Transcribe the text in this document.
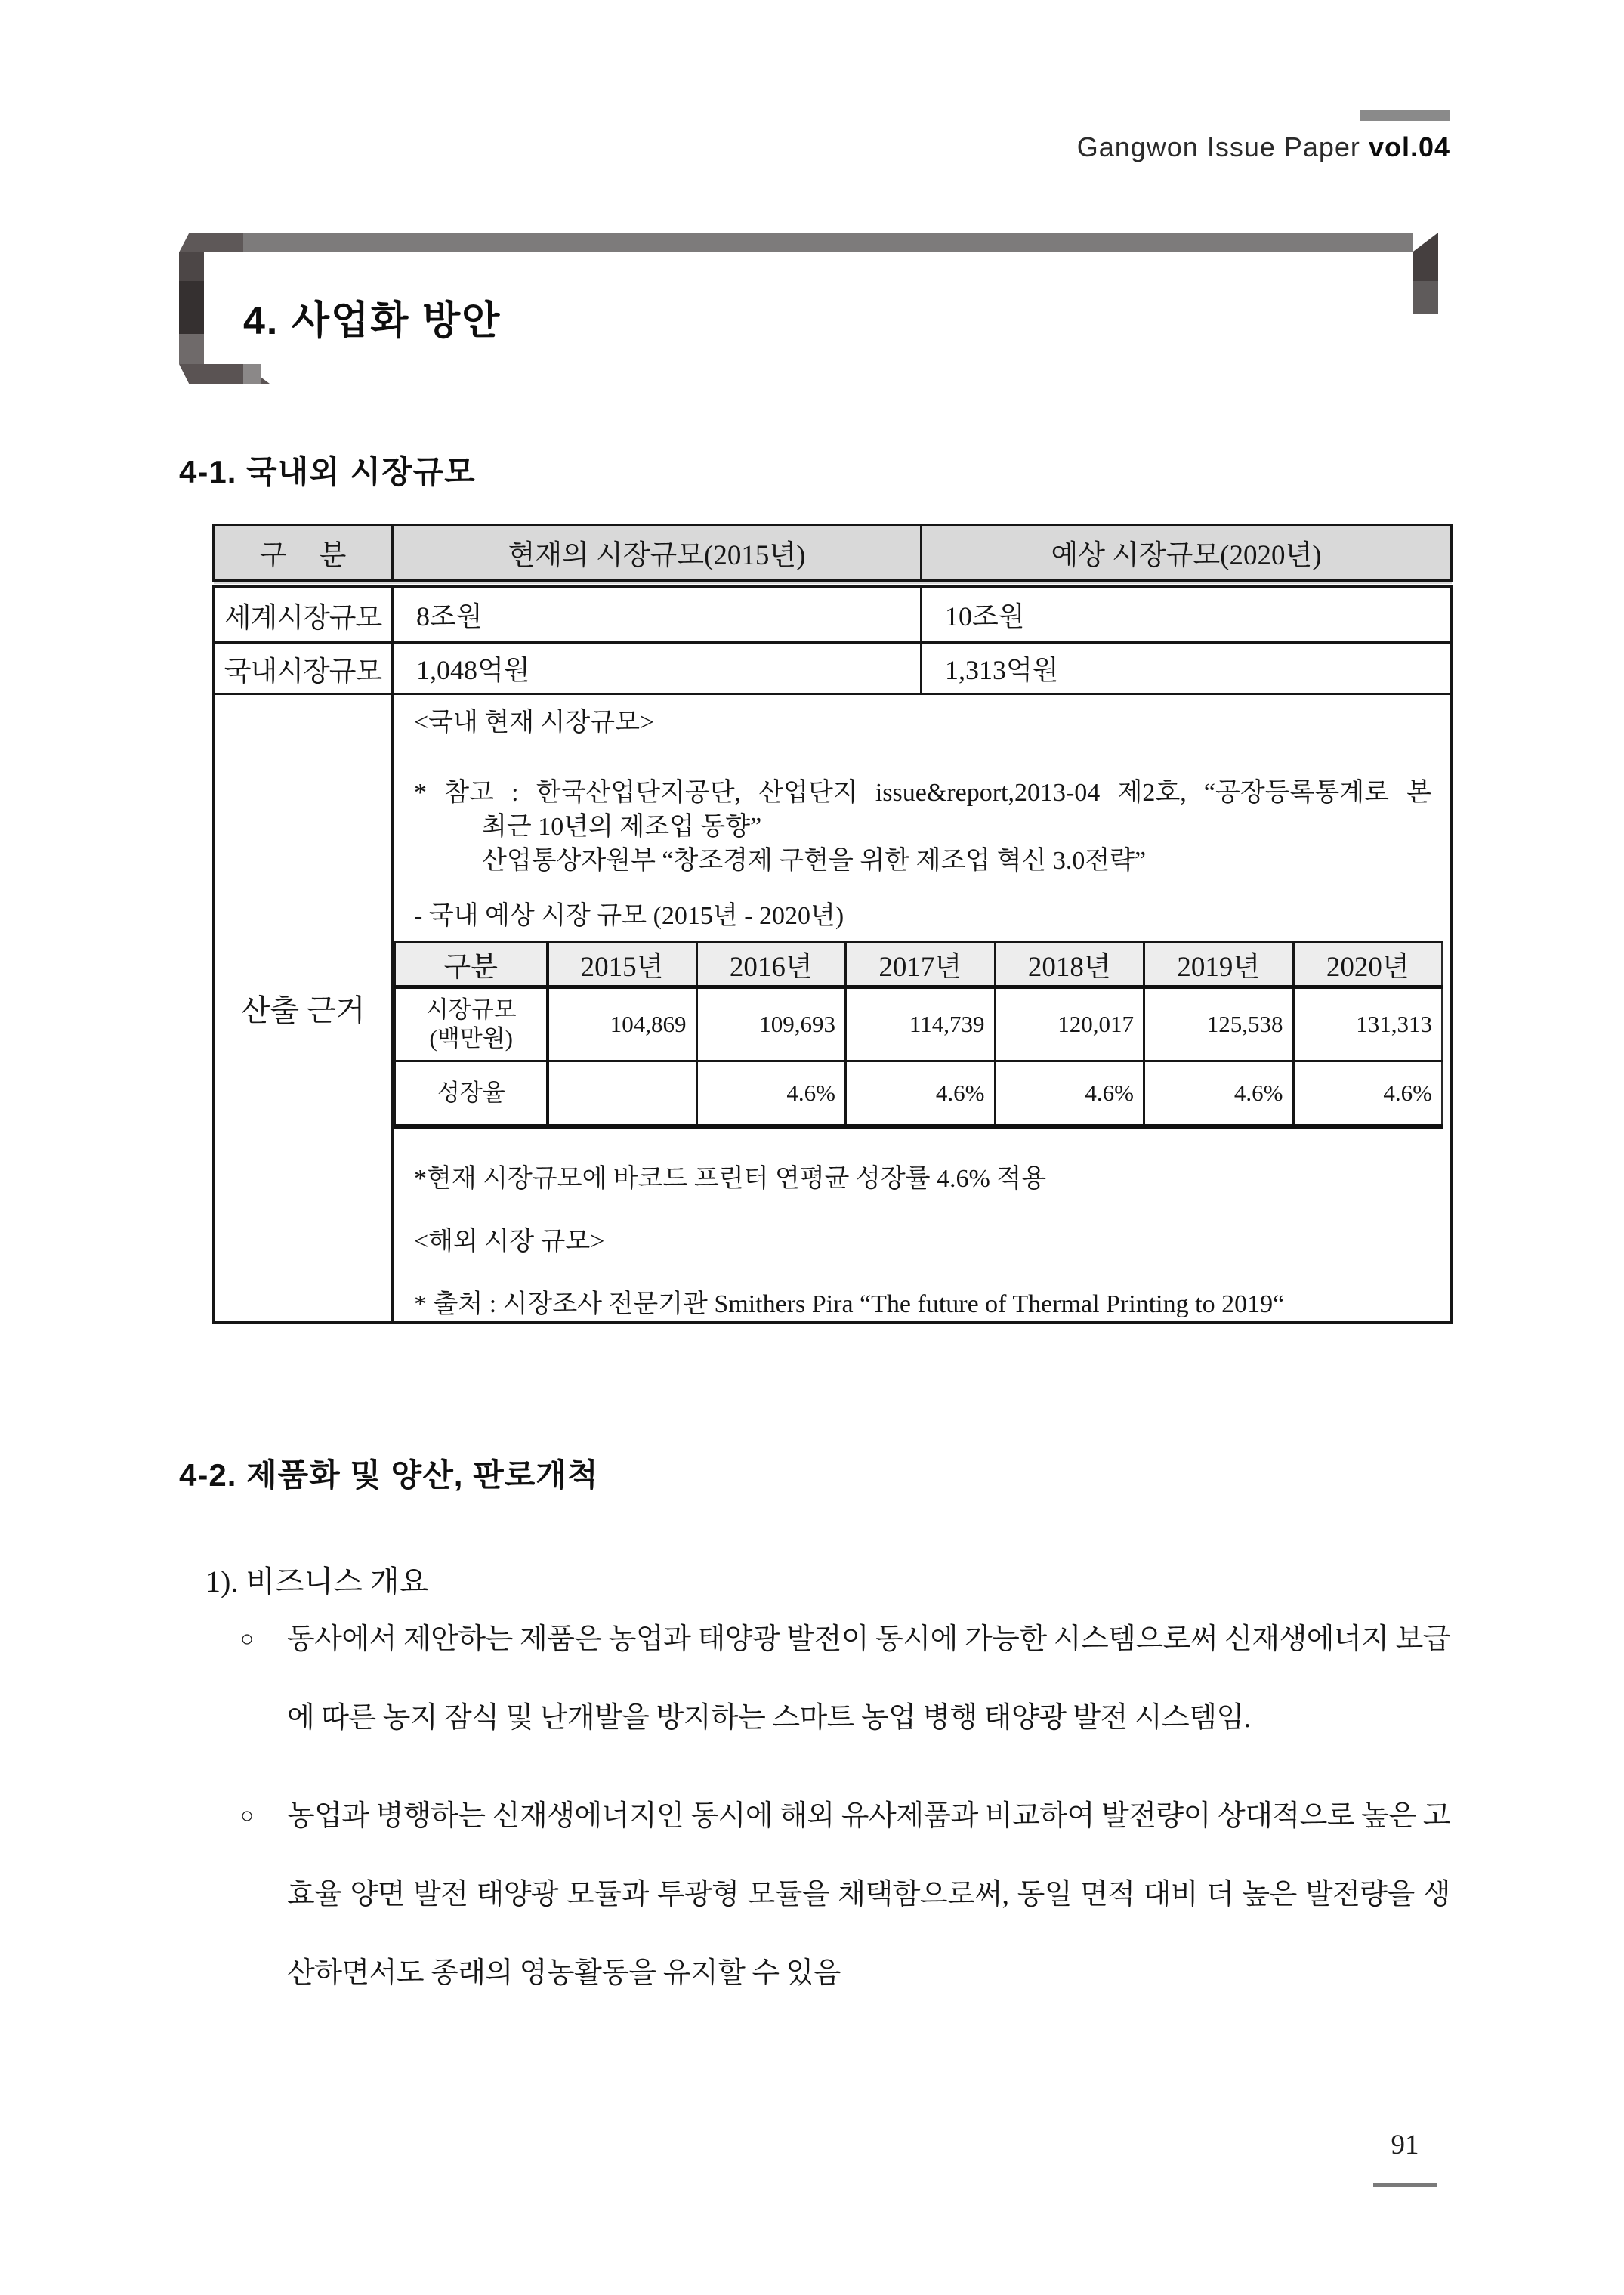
Gangwon Issue Paper vol.04
4. 사업화 방안
4-1. 국내외 시장규모
구 분	현재의 시장규모(2015년)	예상 시장규모(2020년)
세계시장규모	8조원	10조원
국내시장규모	1,048억원	1,313억원
산출 근거	
<국내 현재 시장규모>
* 참고 : 한국산업단지공단, 산업단지 issue&report,2013-04 제2호, “공장등록통계로 본
최근 10년의 제조업 동향”
산업통상자원부 “창조경제 구현을 위한 제조업 혁신 3.0전략”
- 국내 예상 시장 규모 (2015년 - 2020년)
구분	2015년	2016년	2017년	2018년	2019년	2020년
시장규모
(백만원)	104,869	109,693	114,739	120,017	125,538	131,313
성장율		4.6%	4.6%	4.6%	4.6%	4.6%
*현재 시장규모에 바코드 프린터 연평균 성장률 4.6% 적용
<해외 시장 규모>
* 출처 : 시장조사 전문기관 Smithers Pira “The future of Thermal Printing to 2019“
4-2. 제품화 및 양산, 판로개척
1). 비즈니스 개요
○	동사에서 제안하는 제품은 농업과 태양광 발전이 동시에 가능한 시스템으로써 신재생에너지 보급에 따른 농지 잠식 및 난개발을 방지하는 스마트 농업 병행 태양광 발전 시스템임.
○	농업과 병행하는 신재생에너지인 동시에 해외 유사제품과 비교하여 발전량이 상대적으로 높은 고효율 양면 발전 태양광 모듈과 투광형 모듈을 채택함으로써, 동일 면적 대비 더 높은 발전량을 생산하면서도 종래의 영농활동을 유지할 수 있음
91
